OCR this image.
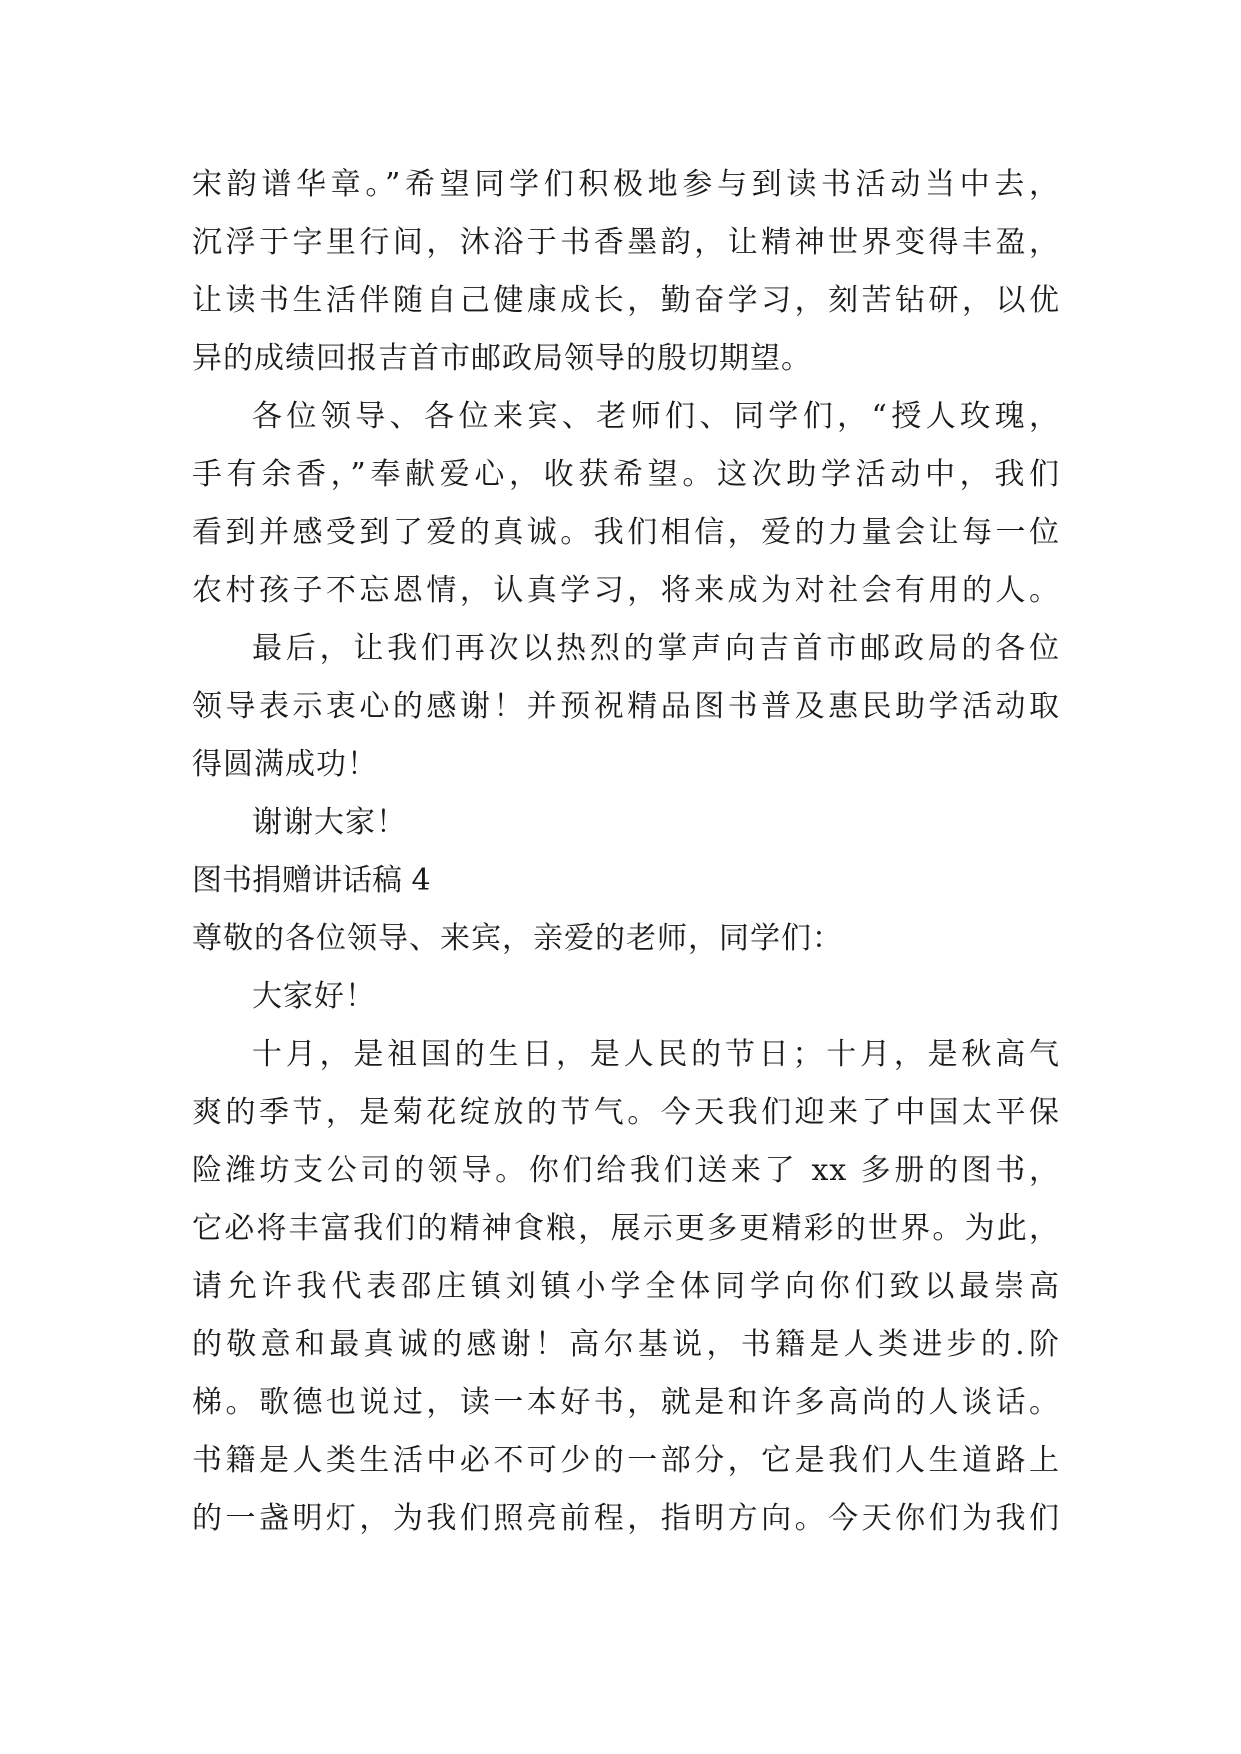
宋韵谱华章。”希望同学们积极地参与到读书活动当中去，
沉浮于字里行间，沐浴于书香墨韵，让精神世界变得丰盈，
让读书生活伴随自己健康成长，勤奋学习，刻苦钻研，以优
异的成绩回报吉首市邮政局领导的殷切期望。
各位领导、各位来宾、老师们、同学们，“授人玫瑰，
手有余香，”奉献爱心，收获希望。这次助学活动中，我们
看到并感受到了爱的真诚。我们相信，爱的力量会让每一位
农村孩子不忘恩情，认真学习，将来成为对社会有用的人。
最后，让我们再次以热烈的掌声向吉首市邮政局的各位
领导表示衷心的感谢！并预祝精品图书普及惠民助学活动取
得圆满成功！
谢谢大家！
图书捐赠讲话稿 4
尊敬的各位领导、来宾，亲爱的老师，同学们：
大家好！
十月，是祖国的生日，是人民的节日；十月，是秋高气
爽的季节，是菊花绽放的节气。今天我们迎来了中国太平保
险潍坊支公司的领导。你们给我们送来了 xx 多册的图书，
它必将丰富我们的精神食粮，展示更多更精彩的世界。为此，
请允许我代表邵庄镇刘镇小学全体同学向你们致以最崇高
的敬意和最真诚的感谢！高尔基说，书籍是人类进步的.阶
梯。歌德也说过，读一本好书，就是和许多高尚的人谈话。
书籍是人类生活中必不可少的一部分，它是我们人生道路上
的一盏明灯，为我们照亮前程，指明方向。今天你们为我们
